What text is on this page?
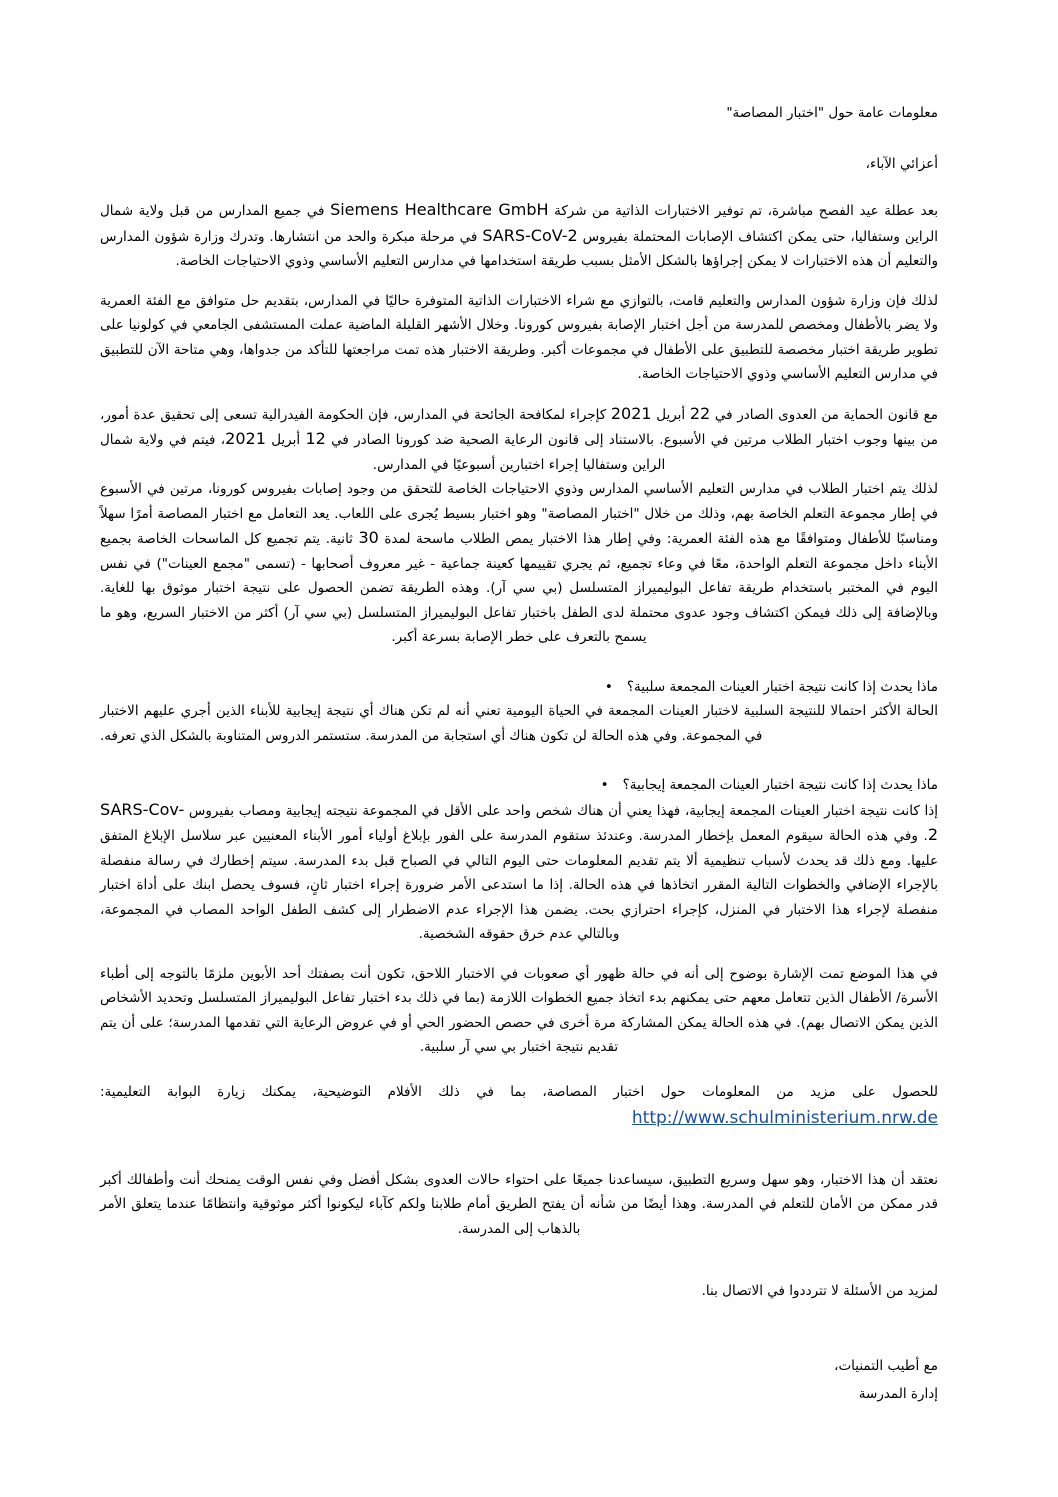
معلومات عامة حول "اختبار المصاصة"

أعزائي الآباء،

بعد عطلة عيد الفصح مباشرة، تم توفير الاختبارات الذاتية من شركة Siemens Healthcare GmbH في جميع المدارس من قبل ولاية شمال الراين وستفاليا، حتى يمكن اكتشاف الإصابات المحتملة بفيروس SARS-CoV-2 في مرحلة مبكرة والحد من انتشارها. وتدرك وزارة شؤون المدارس والتعليم أن هذه الاختبارات لا يمكن إجراؤها بالشكل الأمثل بسبب طريقة استخدامها في مدارس التعليم الأساسي وذوي الاحتياجات الخاصة.

لذلك فإن وزارة شؤون المدارس والتعليم قامت، بالتوازي مع شراء الاختبارات الذاتية المتوفرة حاليًا في المدارس، بتقديم حل متوافق مع الفئة العمرية ولا يضر بالأطفال ومخصص للمدرسة من أجل اختبار الإصابة بفيروس كورونا. وخلال الأشهر القليلة الماضية عملت المستشفى الجامعي في كولونيا على تطوير طريقة اختبار مخصصة للتطبيق على الأطفال في مجموعات أكبر. وطريقة الاختبار هذه تمت مراجعتها للتأكد من جدواها، وهي متاحة الآن للتطبيق في مدارس التعليم الأساسي وذوي الاحتياجات الخاصة.

مع قانون الحماية من العدوى الصادر في 22 أبريل 2021 كإجراء لمكافحة الجائحة في المدارس، فإن الحكومة الفيدرالية تسعى إلى تحقيق عدة أمور، من بينها وجوب اختبار الطلاب مرتين في الأسبوع. بالاستناد إلى قانون الرعاية الصحية ضد كورونا الصادر في 12 أبريل 2021، فيتم في ولاية شمال الراين وستفاليا إجراء اختبارين أسبوعيًا في المدارس.

لذلك يتم اختبار الطلاب في مدارس التعليم الأساسي المدارس وذوي الاحتياجات الخاصة للتحقق من وجود إصابات بفيروس كورونا، مرتين في الأسبوع في إطار مجموعة التعلم الخاصة بهم، وذلك من خلال "اختبار المصاصة" وهو اختبار بسيط يُجرى على اللعاب. يعد التعامل مع اختبار المصاصة أمرًا سهلاً ومناسبًا للأطفال ومتوافقًا مع هذه الفئة العمرية: وفي إطار هذا الاختبار يمص الطلاب ماسحة لمدة 30 ثانية. يتم تجميع كل الماسحات الخاصة بجميع الأبناء داخل مجموعة التعلم الواحدة، معًا في وعاء تجميع، ثم يجري تقييمها كعينة جماعية - غير معروف أصحابها - (تسمى "مجمع العينات") في نفس اليوم في المختبر باستخدام طريقة تفاعل البوليميراز المتسلسل (بي سي آر). وهذه الطريقة تضمن الحصول على نتيجة اختبار موثوق بها للغاية. وبالإضافة إلى ذلك فيمكن اكتشاف وجود عدوى محتملة لدى الطفل باختبار تفاعل البوليميراز المتسلسل (بي سي آر) أكثر من الاختبار السريع، وهو ما يسمح بالتعرف على خطر الإصابة بسرعة أكبر.

• ماذا يحدث إذا كانت نتيجة اختبار العينات المجمعة سلبية؟

الحالة الأكثر احتمالا للنتيجة السلبية لاختبار العينات المجمعة في الحياة اليومية تعني أنه لم تكن هناك أي نتيجة إيجابية للأبناء الذين أجري عليهم الاختبار في المجموعة. وفي هذه الحالة لن تكون هناك أي استجابة من المدرسة. ستستمر الدروس المتناوبة بالشكل الذي تعرفه.

• ماذا يحدث إذا كانت نتيجة اختبار العينات المجمعة إيجابية؟

إذا كانت نتيجة اختبار العينات المجمعة إيجابية، فهذا يعني أن هناك شخص واحد على الأقل في المجموعة نتيجته إيجابية ومصاب بفيروس SARS-Cov-2. وفي هذه الحالة سيقوم المعمل بإخطار المدرسة. وعندئذ ستقوم المدرسة على الفور بإبلاغ أولياء أمور الأبناء المعنيين عبر سلاسل الإبلاغ المتفق عليها. ومع ذلك قد يحدث لأسباب تنظيمية ألا يتم تقديم المعلومات حتى اليوم التالي في الصباح قبل بدء المدرسة. سيتم إخطارك في رسالة منفصلة بالإجراء الإضافي والخطوات التالية المقرر اتخاذها في هذه الحالة. إذا ما استدعى الأمر ضرورة إجراء اختبار ثانٍ، فسوف يحصل ابنك على أداة اختبار منفصلة لإجراء هذا الاختبار في المنزل، كإجراء احترازي بحت. يضمن هذا الإجراء عدم الاضطرار إلى كشف الطفل الواحد المصاب في المجموعة، وبالتالي عدم خرق حقوقه الشخصية.

في هذا الموضع تمت الإشارة بوضوح إلى أنه في حالة ظهور أي صعوبات في الاختبار اللاحق، تكون أنت بصفتك أحد الأبوين ملزمًا بالتوجه إلى أطباء الأسرة/ الأطفال الذين تتعامل معهم حتى يمكنهم بدء اتخاذ جميع الخطوات اللازمة (بما في ذلك بدء اختبار تفاعل البوليميراز المتسلسل وتحديد الأشخاص الذين يمكن الاتصال بهم). في هذه الحالة يمكن المشاركة مرة أخرى في حصص الحضور الحي أو في عروض الرعاية التي تقدمها المدرسة؛ على أن يتم تقديم نتيجة اختبار بي سي آر سلبية.

للحصول على مزيد من المعلومات حول اختبار المصاصة، بما في ذلك الأفلام التوضيحية، يمكنك زيارة البوابة التعليمية:

http://www.schulministerium.nrw.de

نعتقد أن هذا الاختبار، وهو سهل وسريع التطبيق، سيساعدنا جميعًا على احتواء حالات العدوى بشكل أفضل وفي نفس الوقت يمنحك أنت وأطفالك أكبر قدر ممكن من الأمان للتعلم في المدرسة. وهذا أيضًا من شأنه أن يفتح الطريق أمام طلابنا ولكم كآباء ليكونوا أكثر موثوقية وانتظامًا عندما يتعلق الأمر بالذهاب إلى المدرسة.

لمزيد من الأسئلة لا تترددوا في الاتصال بنا.

مع أطيب التمنيات،

إدارة المدرسة
